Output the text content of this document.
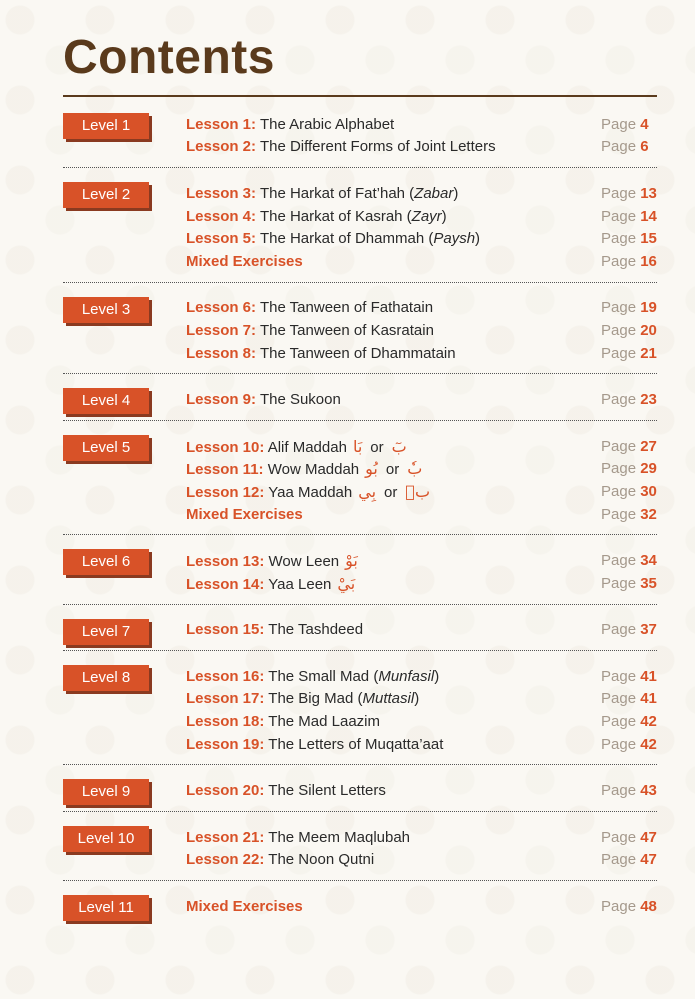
Contents
Level 1	Lesson 1: The Arabic Alphabet	Page 4
Lesson 2: The Different Forms of Joint Letters	Page 6
Level 2	Lesson 3: The Harkat of Fat’hah (Zabar)	Page 13
Lesson 4: The Harkat of Kasrah (Zayr)	Page 14
Lesson 5: The Harkat of Dhammah (Paysh)	Page 15
Mixed Exercises	Page 16
Level 3	Lesson 6: The Tanween of Fathatain	Page 19
Lesson 7: The Tanween of Kasratain	Page 20
Lesson 8: The Tanween of Dhammatain	Page 21
Level 4	Lesson 9: The Sukoon	Page 23
Level 5	Lesson 10: Alif Maddah بَا or بٓ	Page 27
Lesson 11: Wow Maddah بُو or بٗ	Page 29
Lesson 12: Yaa Maddah بِي or بٖ	Page 30
Mixed Exercises	Page 32
Level 6	Lesson 13: Wow Leen بَوْ	Page 34
Lesson 14: Yaa Leen بَيْ	Page 35
Level 7	Lesson 15: The Tashdeed	Page 37
Level 8	Lesson 16: The Small Mad (Munfasil)	Page 41
Lesson 17: The Big Mad (Muttasil)	Page 41
Lesson 18: The Mad Laazim	Page 42
Lesson 19: The Letters of Muqatta’aat	Page 42
Level 9	Lesson 20: The Silent Letters	Page 43
Level 10	Lesson 21: The Meem Maqlubah	Page 47
Lesson 22: The Noon Qutni	Page 47
Level 11	Mixed Exercises	Page 48
